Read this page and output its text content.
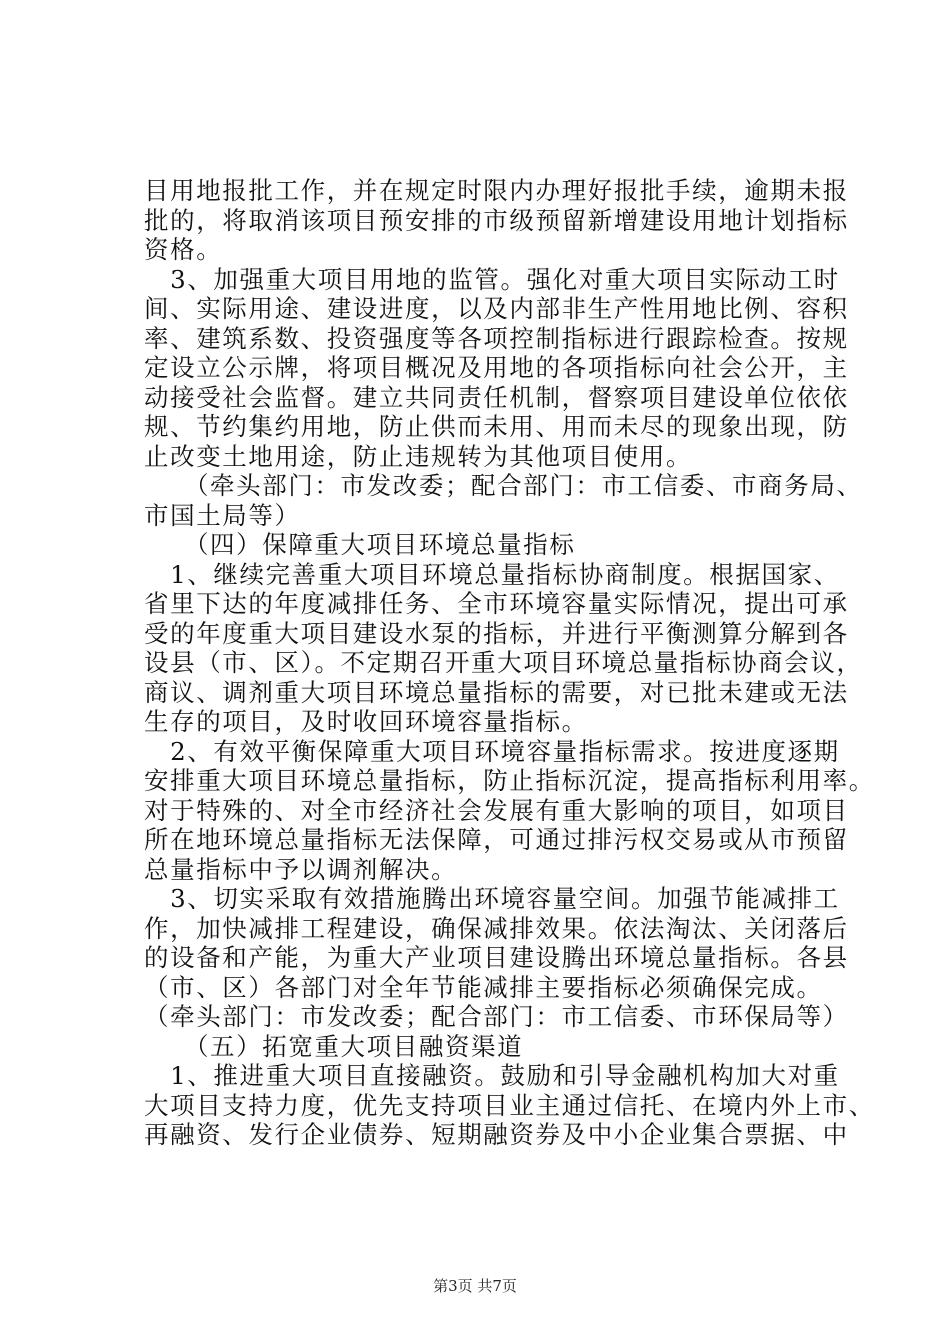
目用地报批工作，并在规定时限内办理好报批手续，逾期未报
批的，将取消该项目预安排的市级预留新增建设用地计划指标
资格。
　3、加强重大项目用地的监管。强化对重大项目实际动工时
间、实际用途、建设进度，以及内部非生产性用地比例、容积
率、建筑系数、投资强度等各项控制指标进行跟踪检查。按规
定设立公示牌，将项目概况及用地的各项指标向社会公开，主
动接受社会监督。建立共同责任机制，督察项目建设单位依依
规、节约集约用地，防止供而未用、用而未尽的现象出现，防
止改变土地用途，防止违规转为其他项目使用。
　　（牵头部门：市发改委；配合部门：市工信委、市商务局、
市国土局等）
　　（四）保障重大项目环境总量指标
　1、继续完善重大项目环境总量指标协商制度。根据国家、
省里下达的年度减排任务、全市环境容量实际情况，提出可承
受的年度重大项目建设水泵的指标，并进行平衡测算分解到各
设县（市、区）。不定期召开重大项目环境总量指标协商会议，
商议、调剂重大项目环境总量指标的需要，对已批未建或无法
生存的项目，及时收回环境容量指标。
　2、有效平衡保障重大项目环境容量指标需求。按进度逐期
安排重大项目环境总量指标，防止指标沉淀，提高指标利用率。
对于特殊的、对全市经济社会发展有重大影响的项目，如项目
所在地环境总量指标无法保障，可通过排污权交易或从市预留
总量指标中予以调剂解决。
　3、切实采取有效措施腾出环境容量空间。加强节能减排工
作，加快减排工程建设，确保减排效果。依法淘汰、关闭落后
的设备和产能，为重大产业项目建设腾出环境总量指标。各县
（市、区）各部门对全年节能减排主要指标必须确保完成。
（牵头部门：市发改委；配合部门：市工信委、市环保局等）
　　（五）拓宽重大项目融资渠道
　1、推进重大项目直接融资。鼓励和引导金融机构加大对重
大项目支持力度，优先支持项目业主通过信托、在境内外上市、
再融资、发行企业债券、短期融资券及中小企业集合票据、中
第3页 共7页
